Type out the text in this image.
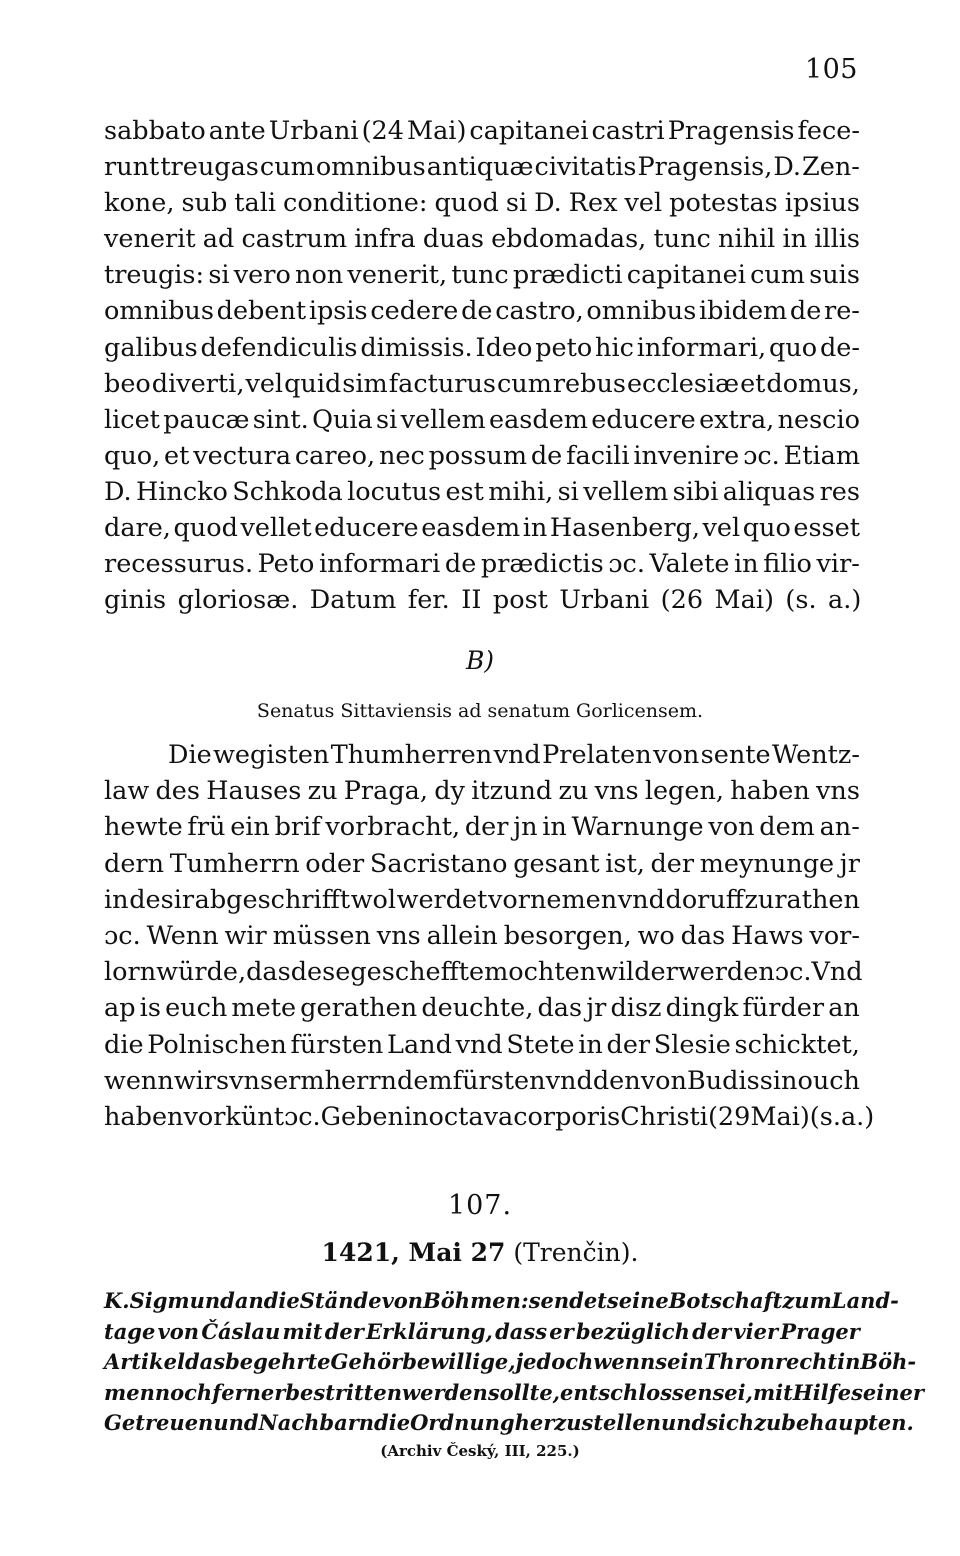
105
sabbato ante Urbani (24 Mai) capitanei castri Pragensis fece-
runt treugas cum omnibus antiquæ civitatis Pragensis, D. Zen-
kone, sub tali conditione: quod si D. Rex vel potestas ipsius
venerit ad castrum infra duas ebdomadas, tunc nihil in illis
treugis: si vero non venerit, tunc prædicti capitanei cum suis
omnibus debent ipsis cedere de castro, omnibus ibidem de re-
galibus defendiculis dimissis. Ideo peto hic informari, quo de-
beo diverti, vel quid sim facturus cum rebus ecclesiæ et domus,
licet paucæ sint. Quia si vellem easdem educere extra, nescio
quo, et vectura careo, nec possum de facili invenire ɔc. Etiam
D. Hincko Schkoda locutus est mihi, si vellem sibi aliquas res
dare, quod vellet educere easdem in Hasenberg, vel quo esset
recessurus. Peto informari de prædictis ɔc. Valete in filio vir-
ginis gloriosæ. Datum fer. II post Urbani (26 Mai) (s. a.)
B)
Senatus Sittaviensis ad senatum Gorlicensem.
Die wegisten Thumherren vnd Prelaten von sente Wentz-
law des Hauses zu Praga, dy itzund zu vns legen, haben vns
hewte frü ein brif vorbracht, der jn in Warnunge von dem an-
dern Tumherrn oder Sacristano gesant ist, der meynunge jr
in desir abgeschrifft wol werdet vornemen vnd doruff zurathen
ɔc. Wenn wir müssen vns allein besorgen, wo das Haws vor-
lorn würde, das dese gescheffte mochten wilder werden ɔc. Vnd
ap is euch mete gerathen deuchte, das jr disz dingk fürder an
die Polnischen fürsten Land vnd Stete in der Slesie schicktet,
wenn wirs vnserm herrn dem fürsten vnd den von Budissin ouch
haben vorkünt ɔc. Geben in octava corporis Christi (29 Mai) (s. a.)
107.
1421, Mai 27 (Trenčin).
K. Sigmund an die Stände von Böhmen: sendet seine Botschaft zum Land-
tage von Čáslau mit der Erklärung, dass er bezüglich der vier Prager
Artikel das begehrte Gehör bewillige, jedoch wenn sein Thronrecht in Böh-
men noch ferner bestritten werden sollte, entschlossen sei, mit Hilfe seiner
Getreuen und Nachbarn die Ordnung herzustellen und sich zu behaupten.
(Archiv Český, III, 225.)
